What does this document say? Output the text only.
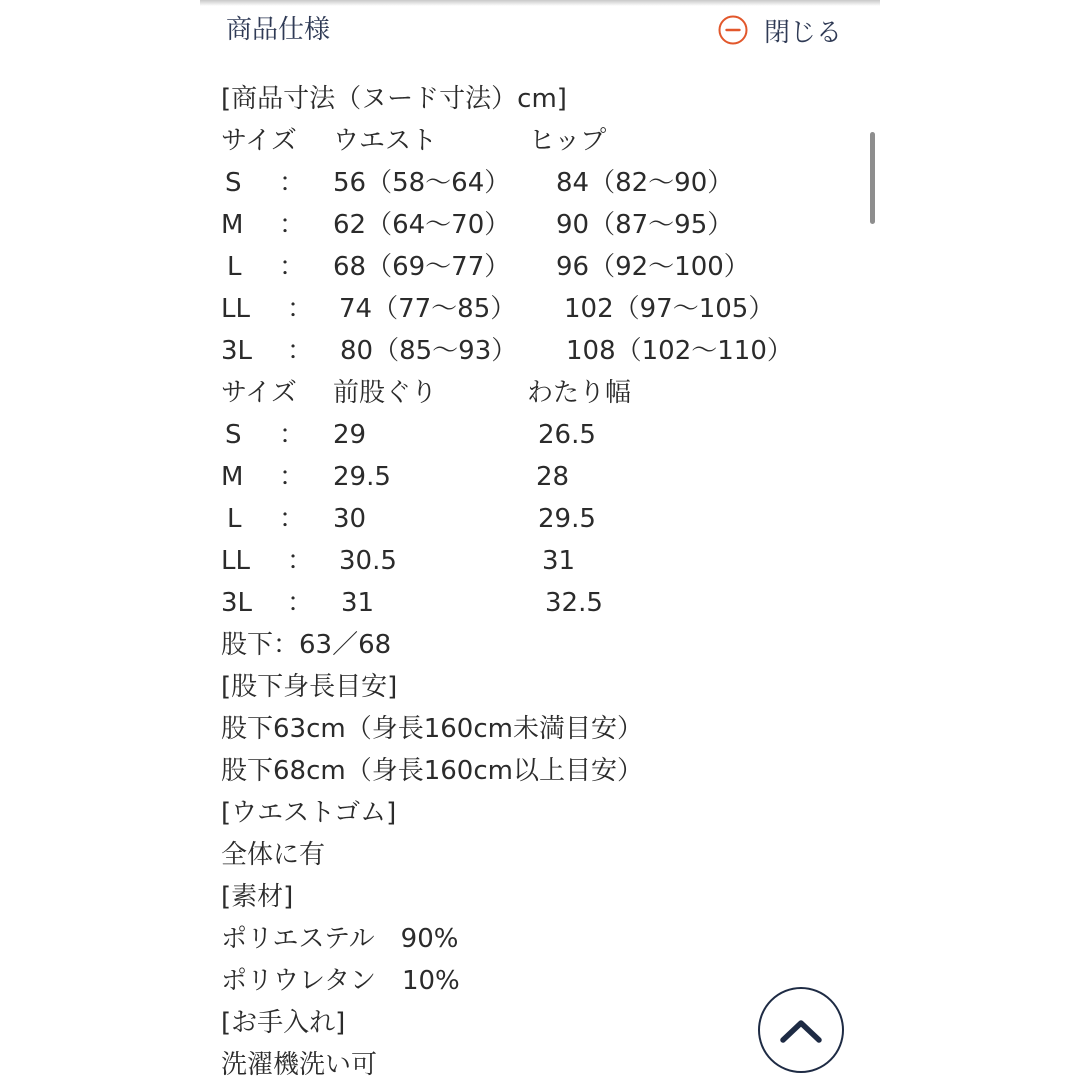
商品仕様	閉じる
[商品寸法（ヌード寸法）cm]
サイズ ウエスト	ヒップ
S ： 56（58〜64） 84（82〜90）
M ： 62（64〜70） 90（87〜95）
L ： 68（69〜77） 96（92〜100）
LL ： 74（77〜85） 102（97〜105）
3L ： 80（85〜93） 108（102〜110）
サイズ 前股ぐり	わたり幅
S ： 29	26.5
M ： 29.5	28
L ： 30	29.5
LL ： 30.5	31
3L ： 31	32.5
股下：63／68
[股下身長目安]
股下63cm（身長160cm未満目安）
股下68cm（身長160cm以上目安）
[ウエストゴム]
全体に有
[素材]
ポリエステル　90%
ポリウレタン　10%
[お手入れ]
洗濯機洗い可
